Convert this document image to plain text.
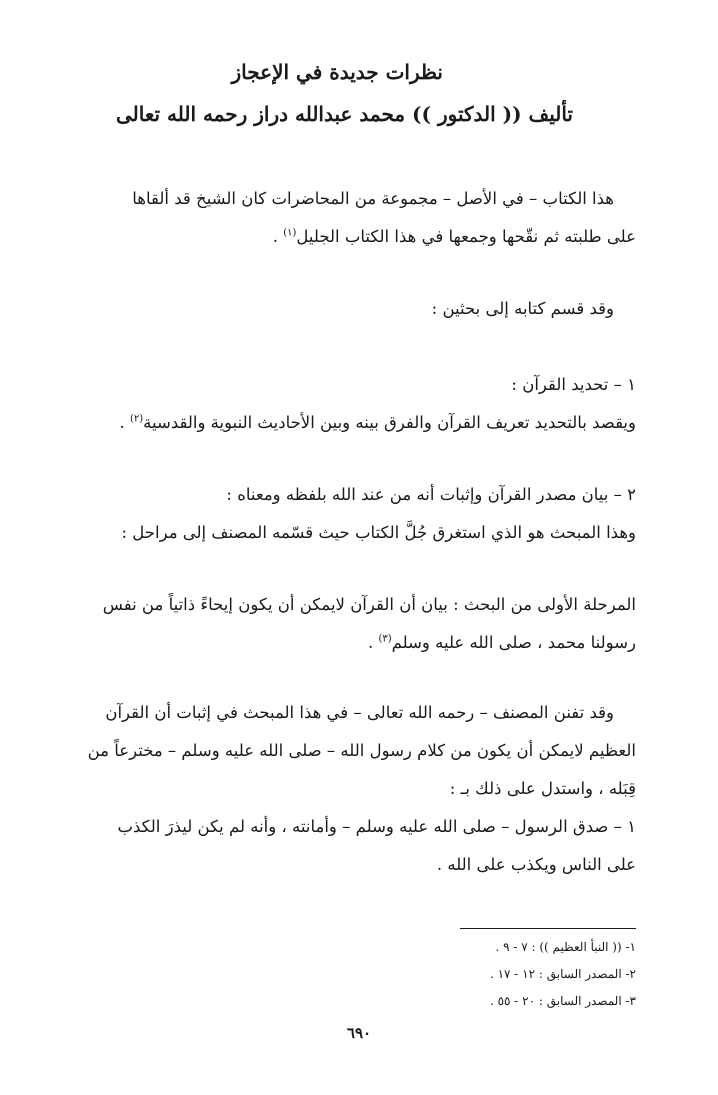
نظرات جديدة في الإعجاز
تأليف (( الدكتور )) محمد عبدالله دراز رحمه الله تعالى
هذا الكتاب – في الأصل – مجموعة من المحاضرات كان الشيخ قد ألقاها
على طلبته ثم نقّحها وجمعها في هذا الكتاب الجليل$^{(١)}$ .
وقد قسم كتابه إلى بحثين :
١ – تحديد القرآن :
ويقصد بالتحديد تعريف القرآن والفرق بينه وبين الأحاديث النبوية والقدسية$^{(٢)}$ .
٢ – بيان مصدر القرآن وإثبات أنه من عند الله بلفظه ومعناه :
وهذا المبحث هو الذي استغرق جُلَّ الكتاب حيث قسّمه المصنف إلى مراحل :
المرحلة الأولى من البحث : بيان أن القرآن لايمكن أن يكون إيحاءً ذاتياً من نفس
رسولنا محمد ، صلى الله عليه وسلم$^{(٣)}$ .
وقد تفنن المصنف – رحمه الله تعالى – في هذا المبحث في إثبات أن القرآن
العظيم لايمكن أن يكون من كلام رسول الله – صلى الله عليه وسلم – مخترعاً من
قِبَله ، واستدل على ذلك بـ :
١ – صدق الرسول – صلى الله عليه وسلم – وأمانته ، وأنه لم يكن ليذرَ الكذب
على الناس ويكذب على الله .
١- (( النبأ العظيم )) : ٧ - ٩ .
٢- المصدر السابق : ١٢ - ١٧ .
٣- المصدر السابق : ٢٠ - ٥٥ .
٦٩٠
